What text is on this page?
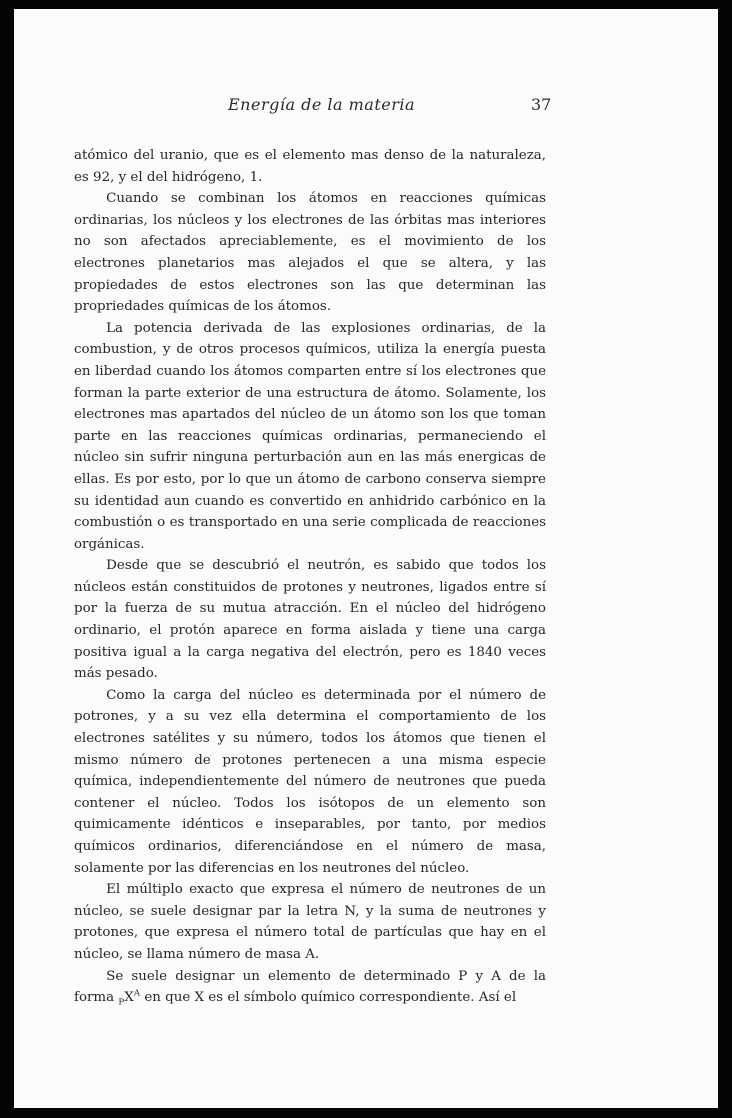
Energía de la materia	37

atómico del uranio, que es el elemento mas denso de la naturaleza, es 92, y el del hidrógeno, 1.

Cuando se combinan los átomos en reacciones químicas ordinarias, los núcleos y los electrones de las órbitas mas interiores no son afectados apreciablemente, es el movimiento de los electrones planetarios mas alejados el que se altera, y las propiedades de estos electrones son las que determinan las propriedades químicas de los átomos.

La potencia derivada de las explosiones ordinarias, de la combustion, y de otros procesos químicos, utiliza la energía puesta en liberdad cuando los átomos comparten entre sí los electrones que forman la parte exterior de una estructura de átomo. Solamente, los electrones mas apartados del núcleo de un átomo son los que toman parte en las reacciones químicas ordinarias, permaneciendo el núcleo sin sufrir ninguna perturbación aun en las más energicas de ellas. Es por esto, por lo que un átomo de carbono conserva siempre su identidad aun cuando es convertido en anhidrido carbónico en la combustión o es transportado en una serie complicada de reacciones orgánicas.

Desde que se descubrió el neutrón, es sabido que todos los núcleos están constituidos de protones y neutrones, ligados entre sí por la fuerza de su mutua atracción. En el núcleo del hidrógeno ordinario, el protón aparece en forma aislada y tiene una carga positiva igual a la carga negativa del electrón, pero es 1840 veces más pesado.

Como la carga del núcleo es determinada por el número de potrones, y a su vez ella determina el comportamiento de los electrones satélites y su número, todos los átomos que tienen el mismo número de protones pertenecen a una misma especie química, independientemente del número de neutrones que pueda contener el núcleo. Todos los isótopos de un elemento son quimicamente idénticos e inseparables, por tanto, por medios químicos ordinarios, diferenciándose en el número de masa, solamente por las diferencias en los neutrones del núcleo.

El múltiplo exacto que expresa el número de neutrones de un núcleo, se suele designar par la letra N, y la suma de neutrones y protones, que expresa el número total de partículas que hay en el núcleo, se llama número de masa A.

Se suele designar un elemento de determinado P y A de la forma $_PX^A$ en que X es el símbolo químico correspondiente. Así el
